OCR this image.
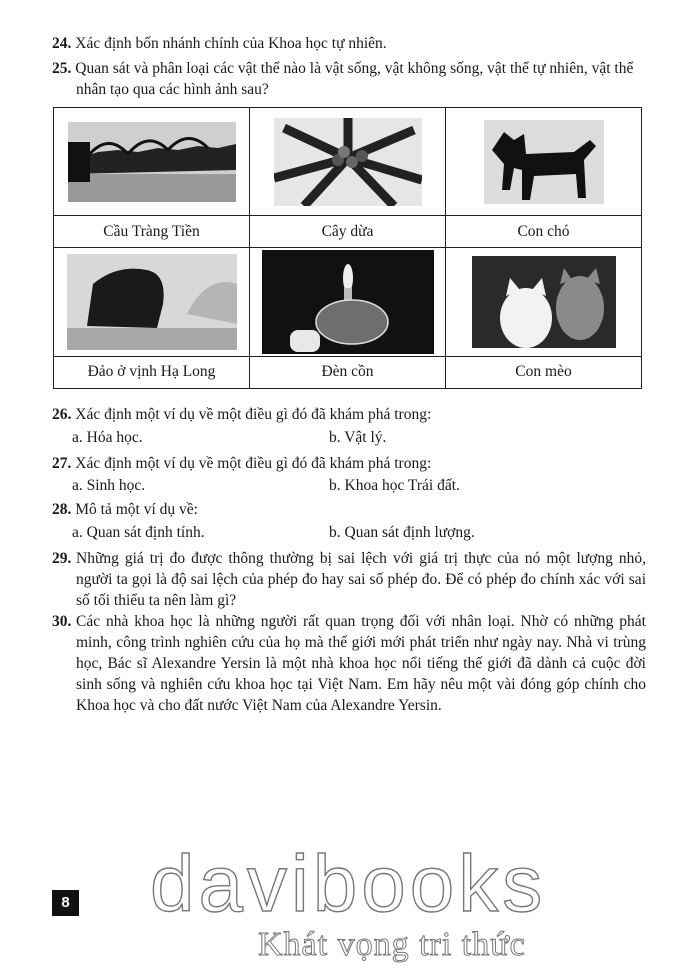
24. Xác định bốn nhánh chính của Khoa học tự nhiên.
25. Quan sát và phân loại các vật thể nào là vật sống, vật không sống, vật thể tự nhiên, vật thể
nhân tạo qua các hình ảnh sau?

Cầu Tràng Tiền	Cây dừa	Con chó

Đảo ở vịnh Hạ Long	Đèn cồn	Con mèo
26. Xác định một ví dụ về một điều gì đó đã khám phá trong:
a. Hóa học.	b. Vật lý.
27. Xác định một ví dụ về một điều gì đó đã khám phá trong:
a. Sinh học.	b. Khoa học Trái đất.
28. Mô tả một ví dụ về:
a. Quan sát định tính.	b. Quan sát định lượng.
29. Những giá trị đo được thông thường bị sai lệch với giá trị thực của nó một lượng nhỏ, người ta gọi là độ sai lệch của phép đo hay sai số phép đo. Để có phép đo chính xác với sai số tối thiểu ta nên làm gì?
30. Các nhà khoa học là những người rất quan trọng đối với nhân loại. Nhờ có những phát minh, công trình nghiên cứu của họ mà thế giới mới phát triển như ngày nay. Nhà vi trùng học, Bác sĩ Alexandre Yersin là một nhà khoa học nổi tiếng thế giới đã dành cả cuộc đời sinh sống và nghiên cứu khoa học tại Việt Nam. Em hãy nêu một vài đóng góp chính cho Khoa học và cho đất nước Việt Nam của Alexandre Yersin.
8 davibooks
Khát vọng tri thức
